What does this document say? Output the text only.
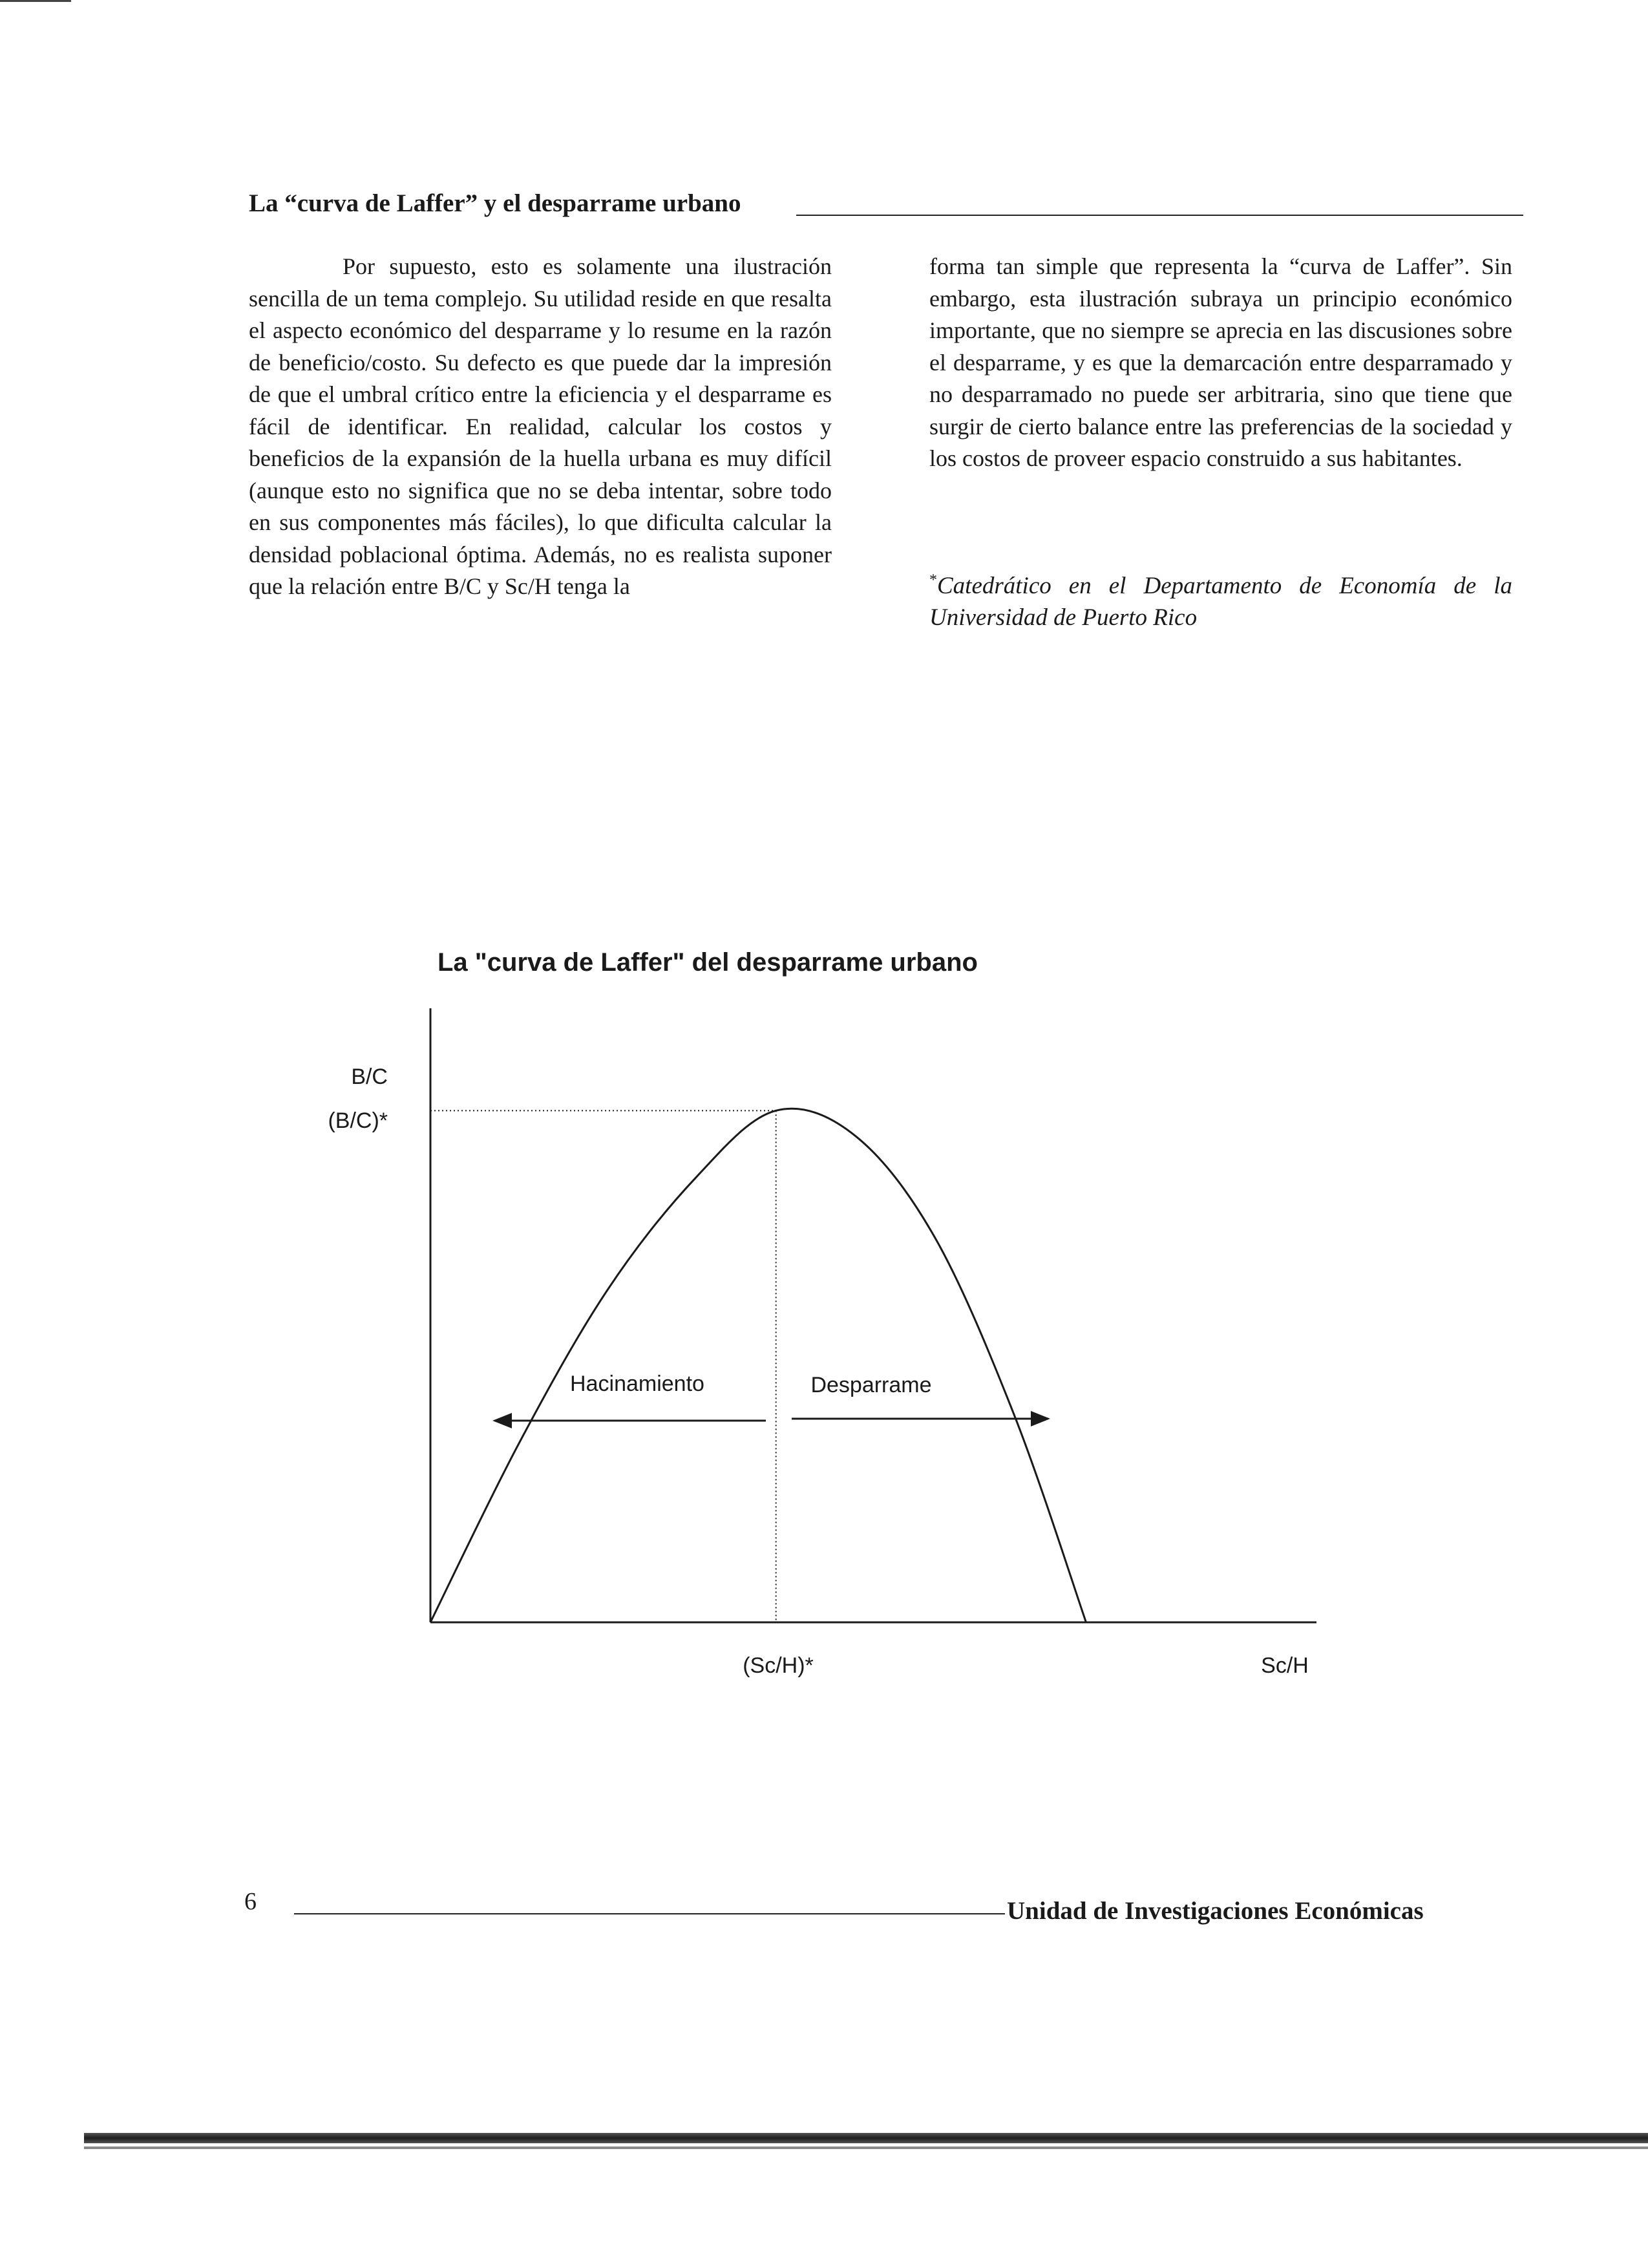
La “curva de Laffer” y el desparrame urbano

Por supuesto, esto es solamente una ilustración sencilla de un tema complejo. Su utilidad reside en que resalta el aspecto económico del desparrame y lo resume en la razón de beneficio/costo. Su defecto es que puede dar la impresión de que el umbral crítico entre la eficiencia y el desparrame es fácil de identificar. En realidad, calcular los costos y beneficios de la expansión de la huella urbana es muy difícil (aunque esto no significa que no se deba intentar, sobre todo en sus componentes más fáciles), lo que dificulta calcular la densidad poblacional óptima. Además, no es realista suponer que la relación entre B/C y Sc/H tenga la

forma tan simple que representa la “curva de Laffer”. Sin embargo, esta ilustración subraya un principio económico importante, que no siempre se aprecia en las discusiones sobre el desparrame, y es que la demarcación entre desparramado y no desparramado no puede ser arbitraria, sino que tiene que surgir de cierto balance entre las preferencias de la sociedad y los costos de proveer espacio construido a sus habitantes.

*Catedrático en el Departamento de Economía de la Universidad de Puerto Rico
La "curva de Laffer" del desparrame urbano
B/C
(B/C)*
(Sc/H)*	Sc/H
Hacinamiento	Desparrame
6	Unidad de Investigaciones Económicas
